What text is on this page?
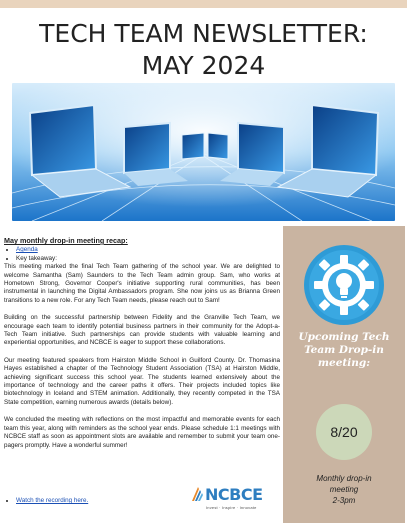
TECH TEAM NEWSLETTER:
MAY 2024
May monthly drop-in meeting recap:
• Agenda
• Key takeaway:

This meeting marked the final Tech Team gathering of the school year. We are delighted to welcome Samantha (Sam) Saunders to the Tech Team admin group. Sam, who works at Hometown Strong, Governor Cooper's initiative supporting rural communities, has been instrumental in launching the Digital Ambassadors program. She now joins us as Brianna Green transitions to a new role. For any Tech Team needs, please reach out to Sam!

Building on the successful partnership between Fidelity and the Granville Tech Team, we encourage each team to identify potential business partners in their community for the Adopt-a-Tech Team initiative. Such partnerships can provide students with valuable learning and experiential opportunities, and NCBCE is eager to support these collaborations.

Our meeting featured speakers from Hairston Middle School in Guilford County. Dr. Thomasina Hayes established a chapter of the Technology Student Association (TSA) at Hairston Middle, achieving significant success this school year. The students learned extensively about the importance of technology and the career paths it offers. Their projects included topics like biotechnology in Iceland and STEM animation. Additionally, they recently competed in the TSA State competition, earning numerous awards (details below).

We concluded the meeting with reflections on the most impactful and memorable events for each team this year, along with reminders as the school year ends. Please schedule 1:1 meetings with NCBCE staff as soon as appointment slots are available and remember to submit your team one-pagers promptly. Have a wonderful summer!

• Watch the recording here.
Upcoming Tech Team Drop-in meeting:
8/20
Monthly drop-in
meeting
2-3pm
NCBCE
Invest · Inspire · Innovate
